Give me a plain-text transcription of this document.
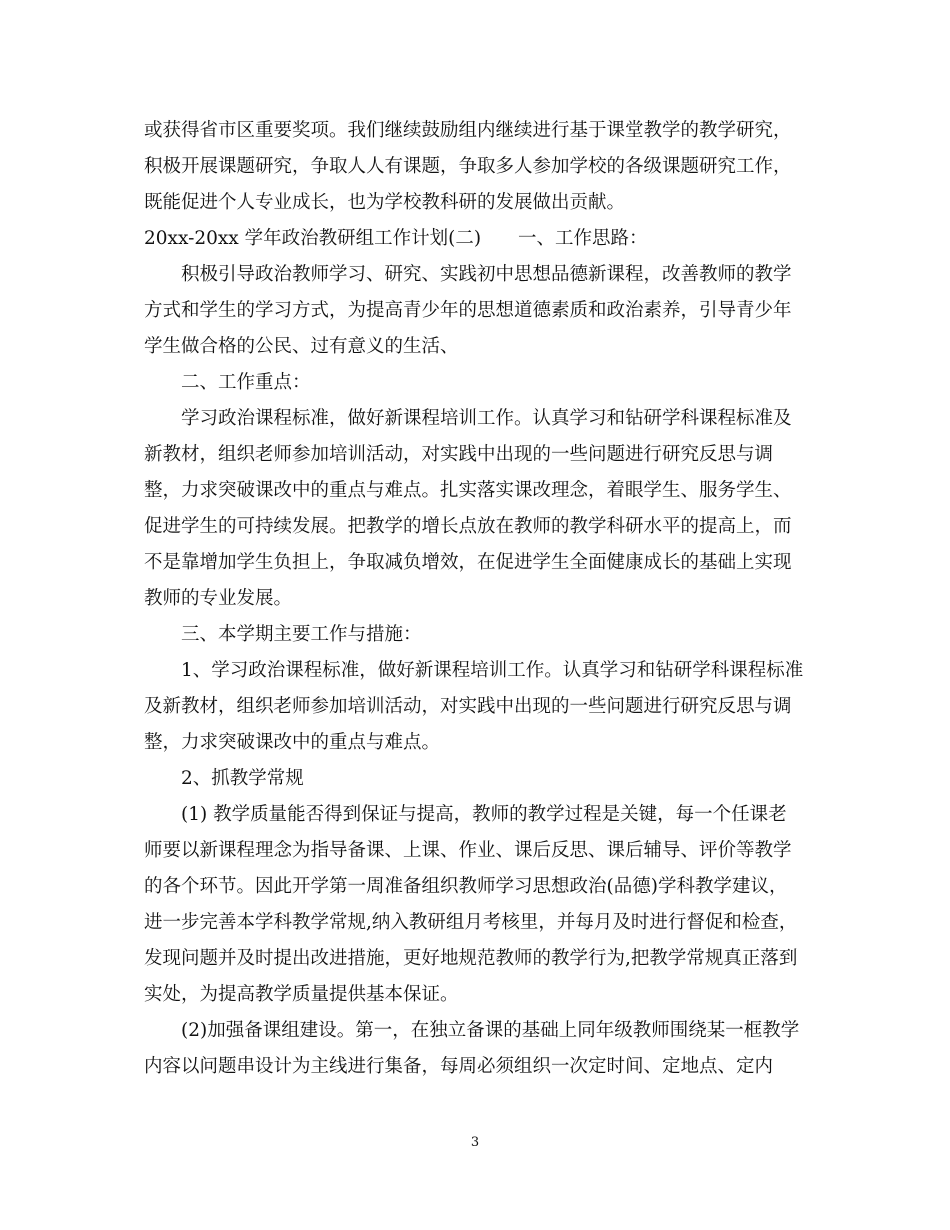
或获得省市区重要奖项。我们继续鼓励组内继续进行基于课堂教学的教学研究，
积极开展课题研究，争取人人有课题，争取多人参加学校的各级课题研究工作，
既能促进个人专业成长，也为学校教科研的发展做出贡献。
20xx-20xx 学年政治教研组工作计划(二)　　一、工作思路：
积极引导政治教师学习、研究、实践初中思想品德新课程，改善教师的教学
方式和学生的学习方式，为提高青少年的思想道德素质和政治素养，引导青少年
学生做合格的公民、过有意义的生活、
二、工作重点：
学习政治课程标准，做好新课程培训工作。认真学习和钻研学科课程标准及
新教材，组织老师参加培训活动，对实践中出现的一些问题进行研究反思与调
整，力求突破课改中的重点与难点。扎实落实课改理念，着眼学生、服务学生、
促进学生的可持续发展。把教学的增长点放在教师的教学科研水平的提高上，而
不是靠增加学生负担上，争取减负增效，在促进学生全面健康成长的基础上实现
教师的专业发展。
三、本学期主要工作与措施：
1、学习政治课程标准，做好新课程培训工作。认真学习和钻研学科课程标准
及新教材，组织老师参加培训活动，对实践中出现的一些问题进行研究反思与调
整，力求突破课改中的重点与难点。
2、抓教学常规
(1) 教学质量能否得到保证与提高，教师的教学过程是关键，每一个任课老
师要以新课程理念为指导备课、上课、作业、课后反思、课后辅导、评价等教学
的各个环节。因此开学第一周准备组织教师学习思想政治(品德)学科教学建议，
进一步完善本学科教学常规,纳入教研组月考核里，并每月及时进行督促和检查，
发现问题并及时提出改进措施，更好地规范教师的教学行为,把教学常规真正落到
实处，为提高教学质量提供基本保证。
(2)加强备课组建设。第一，在独立备课的基础上同年级教师围绕某一框教学
内容以问题串设计为主线进行集备，每周必须组织一次定时间、定地点、定内
3
